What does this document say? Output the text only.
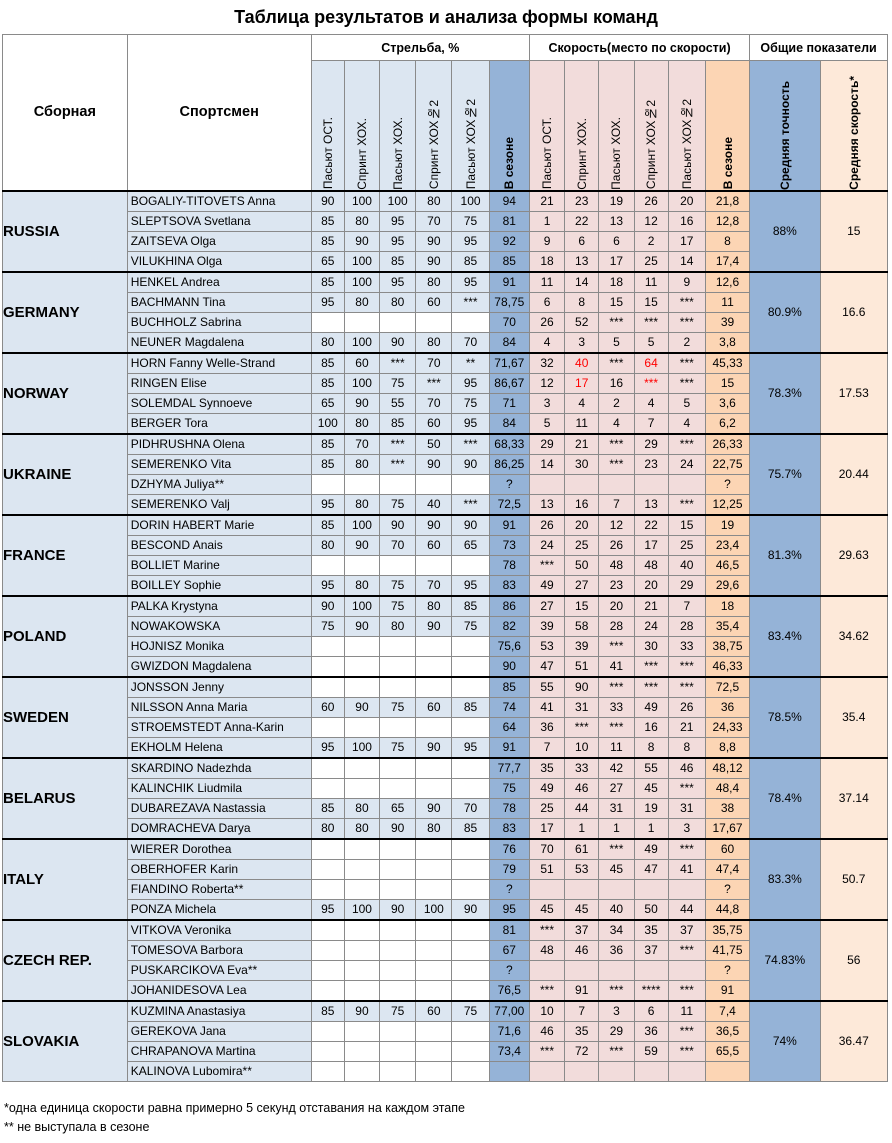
Таблица результатов и анализа формы команд
Сборная	Спортсмен	Стрельба, %						Скорость(место по скорости)						Общие показатели	

		Пасьют ОСТ.	Спринт ХОХ.	Пасьют ХОХ.	Спринт ХОХ№2	Пасьют ХОХ№2	В сезоне	Пасьют ОСТ.	Спринт ХОХ.	Пасьют ХОХ.	Спринт ХОХ№2	Пасьют ХОХ№2	В сезоне	Средняя точность	Средняя скорость*

RUSSIA	BOGALIY-TITOVETS Anna	90	100	100	80	100	94	21	23	19	26	20	21,8	88%	15
	SLEPTSOVA Svetlana	85	80	95	70	75	81	1	22	13	12	16	12,8		
	ZAITSEVA Olga	85	90	95	90	95	92	9	6	6	2	17	8		
	VILUKHINA Olga	65	100	85	90	85	85	18	13	17	25	14	17,4		
GERMANY	HENKEL Andrea	85	100	95	80	95	91	11	14	18	11	9	12,6	80.9%	16.6
	BACHMANN Tina	95	80	80	60	***	78,75	6	8	15	15	***	11		
	BUCHHOLZ Sabrina						70	26	52	***	***	***	39		
	NEUNER Magdalena	80	100	90	80	70	84	4	3	5	5	2	3,8		
NORWAY	HORN Fanny Welle-Strand	85	60	***	70	**	71,67	32	40	***	64	***	45,33	78.3%	17.53
	RINGEN Elise	85	100	75	***	95	86,67	12	17	16	***	***	15		
	SOLEMDAL Synnoeve	65	90	55	70	75	71	3	4	2	4	5	3,6		
	BERGER Tora	100	80	85	60	95	84	5	11	4	7	4	6,2		
UKRAINE	PIDHRUSHNA Olena	85	70	***	50	***	68,33	29	21	***	29	***	26,33	75.7%	20.44
	SEMERENKO Vita	85	80	***	90	90	86,25	14	30	***	23	24	22,75		
	DZHYMA Juliya**						?						?		
	SEMERENKO Valj	95	80	75	40	***	72,5	13	16	7	13	***	12,25		
FRANCE	DORIN HABERT Marie	85	100	90	90	90	91	26	20	12	22	15	19	81.3%	29.63
	BESCOND Anais	80	90	70	60	65	73	24	25	26	17	25	23,4		
	BOLLIET Marine						78	***	50	48	48	40	46,5		
	BOILLEY Sophie	95	80	75	70	95	83	49	27	23	20	29	29,6		
POLAND	PALKA Krystyna	90	100	75	80	85	86	27	15	20	21	7	18	83.4%	34.62
	NOWAKOWSKA	75	90	80	90	75	82	39	58	28	24	28	35,4		
	HOJNISZ Monika						75,6	53	39	***	30	33	38,75		
	GWIZDON Magdalena						90	47	51	41	***	***	46,33		
SWEDEN	JONSSON Jenny						85	55	90	***	***	***	72,5	78.5%	35.4
	NILSSON Anna Maria	60	90	75	60	85	74	41	31	33	49	26	36		
	STROEMSTEDT Anna-Karin						64	36	***	***	16	21	24,33		
	EKHOLM Helena	95	100	75	90	95	91	7	10	11	8	8	8,8		
BELARUS	SKARDINO Nadezhda						77,7	35	33	42	55	46	48,12	78.4%	37.14
	KALINCHIK Liudmila						75	49	46	27	45	***	48,4		
	DUBAREZAVA Nastassia	85	80	65	90	70	78	25	44	31	19	31	38		
	DOMRACHEVA Darya	80	80	90	80	85	83	17	1	1	1	3	17,67		
ITALY	WIERER Dorothea						76	70	61	***	49	***	60	83.3%	50.7
	OBERHOFER Karin						79	51	53	45	47	41	47,4		
	FIANDINO Roberta**						?						?		
	PONZA Michela	95	100	90	100	90	95	45	45	40	50	44	44,8		
CZECH REP.	VITKOVA Veronika						81	***	37	34	35	37	35,75	74.83%	56
	TOMESOVA Barbora						67	48	46	36	37	***	41,75		
	PUSKARCIKOVA Eva**						?						?		
	JOHANIDESOVA Lea						76,5	***	91	***	****	***	91		
SLOVAKIA	KUZMINA Anastasiya	85	90	75	60	75	77,00	10	7	3	6	11	7,4	74%	36.47
	GEREKOVA Jana						71,6	46	35	29	36	***	36,5		
	CHRAPANOVA Martina						73,4	***	72	***	59	***	65,5		
	KALINOVA Lubomira**														
*одна единица скорости равна примерно 5 секунд отставания на каждом этапе
** не выступала в сезоне
